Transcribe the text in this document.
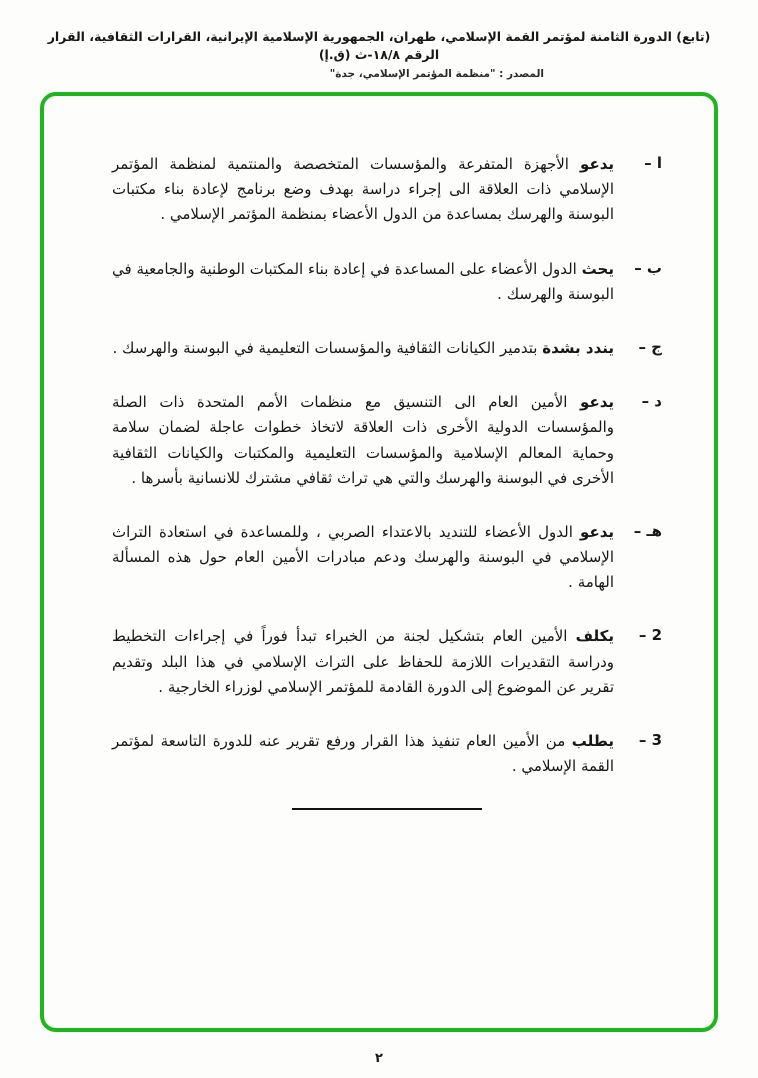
(تابع) الدورة الثامنة لمؤتمر القمة الإسلامي، طهران، الجمهورية الإسلامية الإيرانية، القرارات الثقافية، القرار الرقم ١٨/٨-ث (ق.إ)
المصدر : "منظمة المؤتمر الإسلامي، جدة"
ا –

يدعو الأجهزة المتفرعة والمؤسسات المتخصصة والمنتمية لمنظمة المؤتمر الإسلامي ذات العلاقة الى إجراء دراسة بهدف وضع برنامج لإعادة بناء مكتبات البوسنة والهرسك بمساعدة من الدول الأعضاء بمنظمة المؤتمر الإسلامي .

ب –

يحث الدول الأعضاء على المساعدة في إعادة بناء المكتبات الوطنية والجامعية في البوسنة والهرسك .

ج –

يندد بشدة بتدمير الكيانات الثقافية والمؤسسات التعليمية في البوسنة والهرسك .

د –

يدعو الأمين العام الى التنسيق مع منظمات الأمم المتحدة ذات الصلة والمؤسسات الدولية الأخرى ذات العلاقة لاتخاذ خطوات عاجلة لضمان سلامة وحماية المعالم الإسلامية والمؤسسات التعليمية والمكتبات والكيانات الثقافية الأخرى في البوسنة والهرسك والتي هي تراث ثقافي مشترك للانسانية بأسرها .

هـ –

يدعو الدول الأعضاء للتنديد بالاعتداء الصربي ، وللمساعدة في استعادة التراث الإسلامي في البوسنة والهرسك ودعم مبادرات الأمين العام حول هذه المسألة الهامة .

2 –

يكلف الأمين العام بتشكيل لجنة من الخبراء تبدأ فوراً في إجراءات التخطيط ودراسة التقديرات اللازمة للحفاظ على التراث الإسلامي في هذا البلد وتقديم تقرير عن الموضوع إلى الدورة القادمة للمؤتمر الإسلامي لوزراء الخارجية .

3 –

يطلب من الأمين العام تنفيذ هذا القرار ورفع تقرير عنه للدورة التاسعة لمؤتمر القمة الإسلامي .

٢
